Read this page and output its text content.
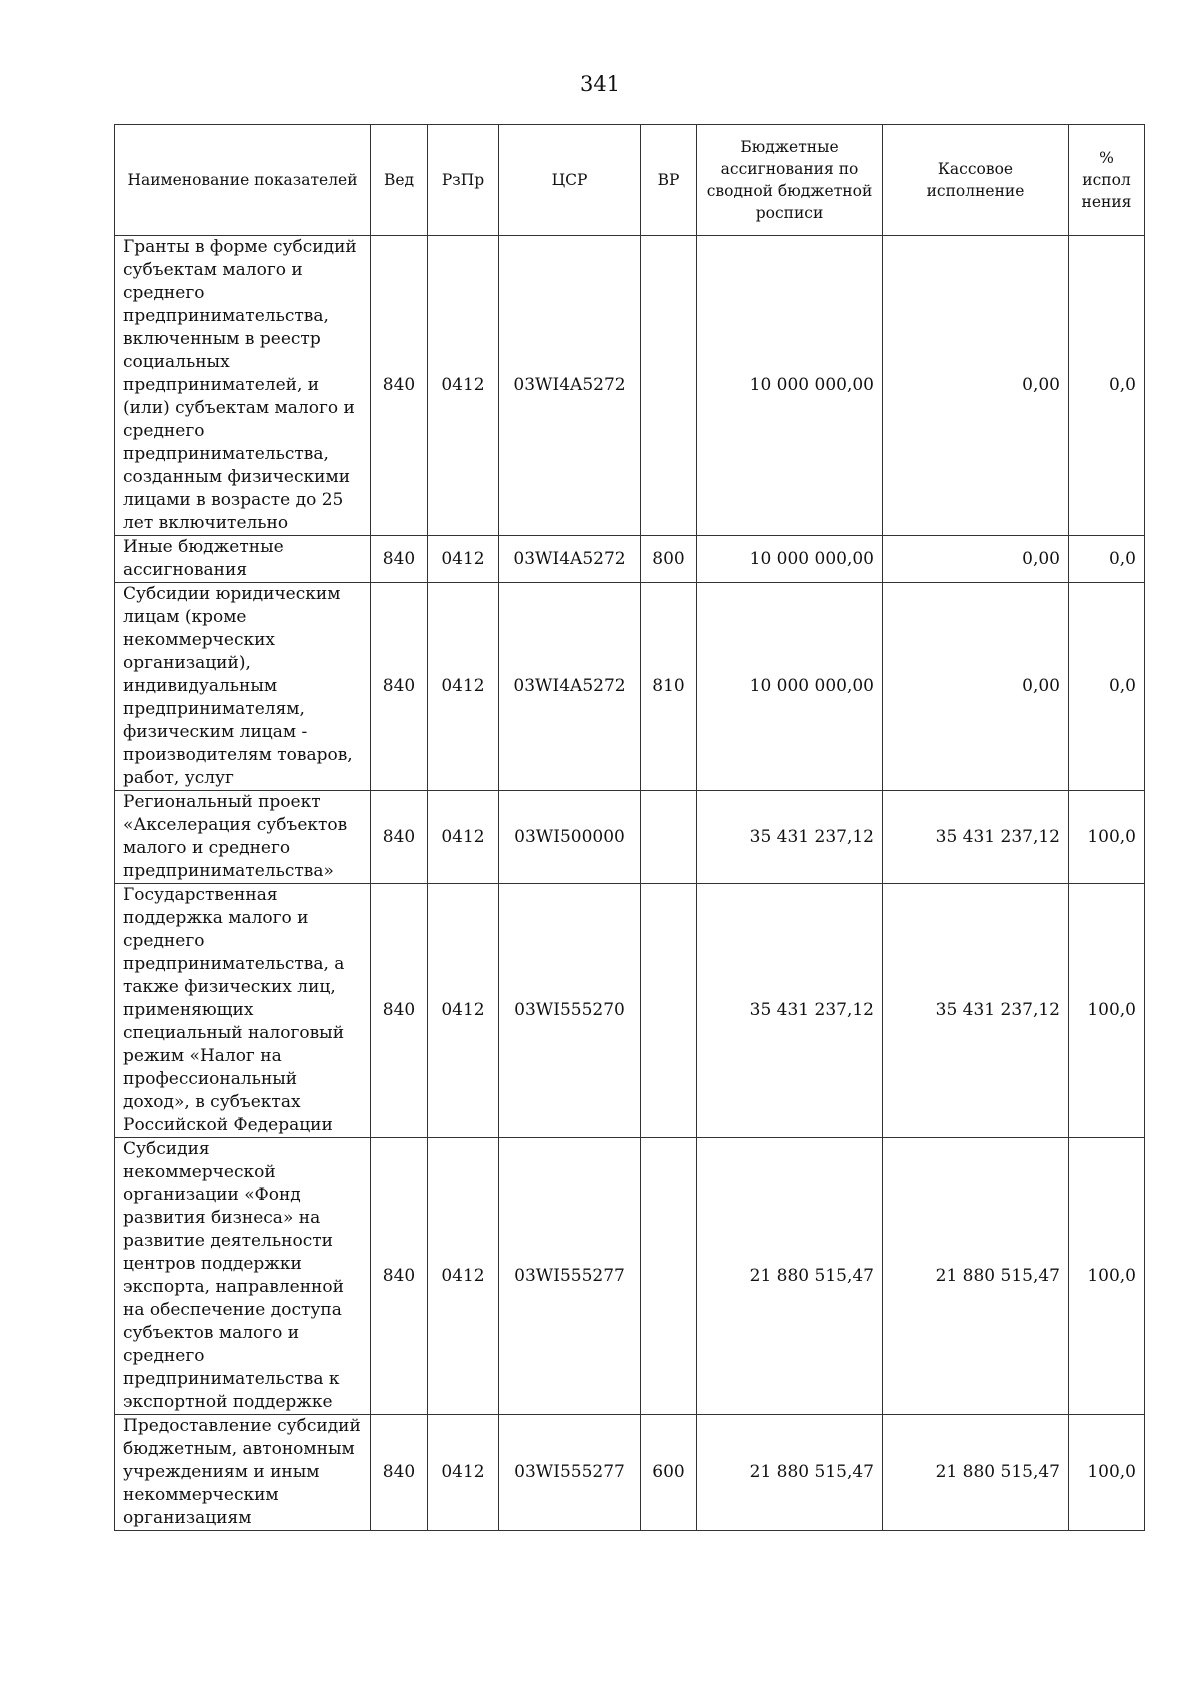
341
Наименование показателей	Вед	РзПр	ЦСР	ВР	Бюджетные ассигнования по сводной бюджетной росписи	Кассовое исполнение	% испол нения
Гранты в форме субсидий субъектам малого и среднего предпринимательства, включенным в реестр социальных предпринимателей, и (или) субъектам малого и среднего предпринимательства, созданным физическими лицами в возрасте до 25 лет включительно	840	0412	03WI4A5272		10 000 000,00	0,00	0,0
Иные бюджетные ассигнования	840	0412	03WI4A5272	800	10 000 000,00	0,00	0,0
Субсидии юридическим лицам (кроме некоммерческих организаций), индивидуальным предпринимателям, физическим лицам - производителям товаров, работ, услуг	840	0412	03WI4A5272	810	10 000 000,00	0,00	0,0
Региональный проект «Акселерация субъектов малого и среднего предпринимательства»	840	0412	03WI500000		35 431 237,12	35 431 237,12	100,0
Государственная поддержка малого и среднего предпринимательства, а также физических лиц, применяющих специальный налоговый режим «Налог на профессиональный доход», в субъектах Российской Федерации	840	0412	03WI555270		35 431 237,12	35 431 237,12	100,0
Субсидия некоммерческой организации «Фонд развития бизнеса» на развитие деятельности центров поддержки экспорта, направленной на обеспечение доступа субъектов малого и среднего предпринимательства к экспортной поддержке	840	0412	03WI555277		21 880 515,47	21 880 515,47	100,0
Предоставление субсидий бюджетным, автономным учреждениям и иным некоммерческим организациям	840	0412	03WI555277	600	21 880 515,47	21 880 515,47	100,0
